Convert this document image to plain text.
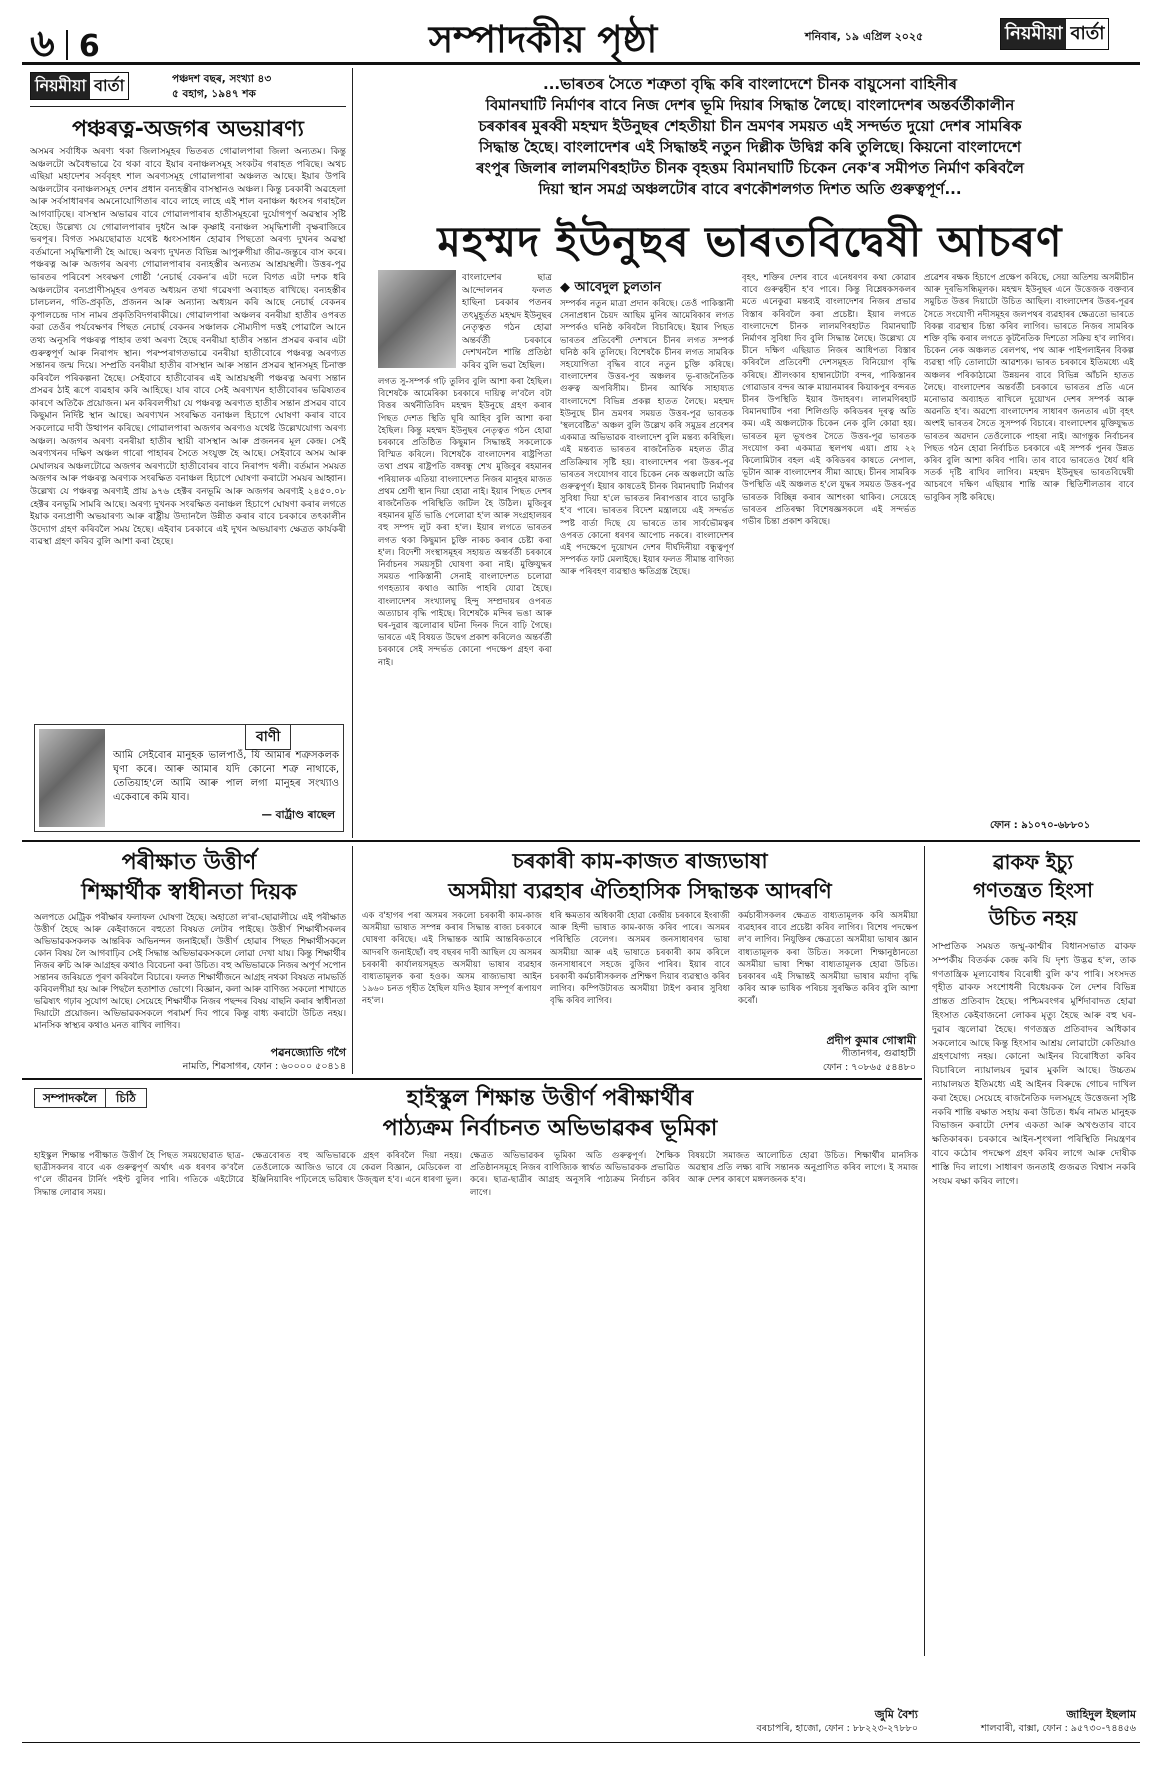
৬ 6	সম্পাদকীয় পৃষ্ঠা	শনিবাৰ, ১৯ এপ্ৰিল ২০২৫	নিয়মীয়া বাৰ্তা
নিয়মীয়া বাৰ্তা	পঞ্চদশ বছৰ, সংখ্যা ৪৩
৫ বহাগ, ১৯৪৭ শক
পঞ্চৰত্ন-অজগৰ অভয়াৰণ্য
অসমৰ সৰ্বাধিক অৰণ্য থকা জিলাসমূহৰ ভিতৰত গোৱালপাৰা জিলা অন্যতম। কিন্তু অঞ্চলটো অবৈধভাৱে বৈ থকা বাবে ইয়াৰ বনাঞ্চলসমূহ সংকটৰ গৰাহত পৰিছে। অথচ এছিয়া মহাদেশৰ সৰ্ববৃহৎ শাল অৰণ্যসমূহ গোৱালপাৰা অঞ্চলত আছে। ইয়াৰ উপৰি অঞ্চলটোৰ বনাঞ্চলসমূহ দেশৰ প্ৰধান বন্যহস্তীৰ বাসস্থানও অঞ্চল। কিন্তু চৰকাৰী অৱহেলা আৰু সৰ্বসাধাৰণৰ অমনোযোগিতাৰ বাবে লাহে লাহে এই শাল বনাঞ্চল ধ্বংসৰ গৰাহলৈ আগবাঢ়িছে। বাসস্থান অভাৱৰ বাবে গোৱালপাৰাৰ হাতীসমূহৰো দুৰ্যোগপূৰ্ণ অৱস্থাৰ সৃষ্টি হৈছে। উল্লেখ্য যে গোৱালপাৰাৰ দুধনৈ আৰু কৃষ্ণাই বনাঞ্চল সমৃদ্ধিশালী বৃক্ষৰাজিৰে ভৰপূৰ। বিগত সময়ছোৱাত যথেষ্ট ধ্বংসসাধন হোৱাৰ পিছতো অৰণ্য দুখনৰ অৱস্থা বৰ্তমানো সমৃদ্ধিশালী হৈ আছে। অৰণ্য দুখনত বিভিন্ন আপুৰুগীয়া জীৱ-জন্তুৰে বাস কৰে। পঞ্চৰত্ন আৰু অজগৰ অৰণ্য গোৱালপাৰাৰ বন্যহস্তীৰ অন্যতম আশ্ৰয়স্থলী। উত্তৰ-পূৱ ভাৰতৰ পৰিবেশ সংৰক্ষণ গোষ্ঠী ‘নেচাৰ্ছ বেকন’ৰ এটা দলে বিগত এটা দশক ধৰি অঞ্চলটোৰ বন্যপ্ৰাণীসমূহৰ ওপৰত অধ্যয়ন তথা গৱেষণা অব্যাহত ৰাখিছে। বন্যহস্তীৰ চালচলন, গতি-প্ৰকৃতি, প্ৰজনন আৰু অন্যান্য অধ্যয়ন কৰি আছে নেচাৰ্ছ বেকনৰ কৃপালচেন্দ্ৰ দাস নামৰ প্ৰকৃতিবিদগৰাকীয়ে। গোৱালপাৰা অঞ্চলৰ বনৰীয়া হাতীৰ ওপৰত করা তেওঁৰ পৰ্যবেক্ষণৰ পিছত নেচাৰ্ছ বেকনৰ সঞ্চালক সৌম্যদীপ দত্তই পোৱালৈ আনে তথ্য অনুসৰি পঞ্চৰত্ন পাহাৰ তথা অৰণ্য হৈছে বনৰীয়া হাতীৰ সন্তান প্ৰসৱৰ কৰাৰ এটা গুৰুত্বপূৰ্ণ আৰু নিৰাপদ স্থান। পৰম্পৰাগতভাৱে বনৰীয়া হাতীবোৰে পঞ্চৰত্ন অৰণ্যত সন্তানৰ জন্ম দিয়ে। সম্প্ৰতি বনৰীয়া হাতীৰ বাসস্থান আৰু সন্তান প্ৰসৱৰ স্থানসমূহ চিনাক্ত কৰিবলৈ পৰিকল্পনা হৈছে। সেইবাবে হাতীবোৰৰ এই আশ্ৰয়স্থলী পঞ্চৰত্ন অৰণ্য সন্তান প্ৰসৱৰ ঠাই ৰূপে ব্যৱহাৰ কৰি আহিছে। যাৰ বাবে সেই অৰণ্যখন হাতীবোৰৰ ভৱিষ্যতৰ কাৰণে অতিকৈ প্ৰয়োজন। মন কৰিবলগীয়া যে পঞ্চৰত্ন অৰণ্যত হাতীৰ সন্তান প্ৰসৱৰ বাবে কিছুমান নিৰ্দিষ্ট স্থান আছে। অৰণ্যখন সংৰক্ষিত বনাঞ্চল হিচাপে ঘোষণা কৰাৰ বাবে সকলোৱে দাবী উত্থাপন কৰিছে। গোৱালপাৰা অজগৰ অৰণ্যও যথেষ্ট উল্লেখযোগ্য অৰণ্য অঞ্চল। অজগৰ অৰণ্য বনৰীয়া হাতীৰ স্থায়ী বাসস্থান আৰু প্ৰজননৰ মূল কেন্দ্ৰ। সেই অৰণ্যখনৰ দক্ষিণ অঞ্চল গাৰো পাহাৰৰ সৈতে সংযুক্ত হৈ আছে। সেইবাবে অসম আৰু মেঘালয়ৰ অঞ্চলটোৱে অজগৰ অৰণ্যটো হাতীবোৰৰ বাবে নিৰাপদ থলী। বৰ্তমান সময়ত অজগৰ আৰু পঞ্চৰত্ন অৰণ্যক সংৰক্ষিত বনাঞ্চল হিচাপে ঘোষণা কৰাটো সময়ৰ আহ্বান। উল্লেখ্য যে পঞ্চৰত্ন অৰণ্যই প্ৰায় ৯৭৬ হেক্টৰ বনভূমি আৰু অজগৰ অৰণ্যই ২৪৫০.০৮ হেক্টৰ বনভূমি সামৰি আছে। অৰণ্য দুখনক সংৰক্ষিত বনাঞ্চল হিচাপে ঘোষণা কৰাৰ লগতে ইয়াক বন্যপ্ৰাণী অভয়াৰণ্য আৰু ৰাষ্ট্ৰীয় উদ্যানলৈ উন্নীত কৰাৰ বাবে চৰকাৰে তৎকালীন উদ্যোগ গ্ৰহণ কৰিবলৈ সময় হৈছে। এইবাৰ চৰকাৰে এই দুখন অভয়াৰণ্য ক্ষেত্ৰত কাৰ্যকৰী ব্যৱস্থা গ্ৰহণ কৰিব বুলি আশা কৰা হৈছে।
বাণী
আমি সেইবোৰ মানুহক ভালপাওঁ, যি আমাৰ শত্ৰুসকলক ঘৃণা কৰে। আৰু আমাৰ যদি কোনো শত্ৰু নাথাকে, তেতিয়াহ'লে আমি আৰু পাল লগা মানুহৰ সংখ্যাও একেবাৰে কমি যাব।
— বাৰ্ট্ৰাণ্ড ৰাছেল
...ভাৰতৰ সৈতে শত্ৰুতা বৃদ্ধি কৰি বাংলাদেশে চীনক বায়ুসেনা বাহিনীৰ
বিমানঘাটি নিৰ্মাণৰ বাবে নিজ দেশৰ ভূমি দিয়াৰ সিদ্ধান্ত লৈছে। বাংলাদেশৰ অন্তৰ্বৰ্তীকালীন
চৰকাৰৰ মুৰব্বী মহম্মদ ইউনুছৰ শেহতীয়া চীন ভ্ৰমণৰ সময়ত এই সন্দৰ্ভত দুয়ো দেশৰ সামৰিক
সিদ্ধান্ত হৈছে। বাংলাদেশৰ এই সিদ্ধান্তই নতুন দিল্লীক উদ্বিগ্ন কৰি তুলিছে। কিয়নো বাংলাদেশে
ৰংপুৰ জিলাৰ লালমণিৰহাটত চীনক বৃহত্তম বিমানঘাটি চিকেন নেক'ৰ সমীপত নিৰ্মাণ কৰিবলৈ
দিয়া স্থান সমগ্ৰ অঞ্চলটোৰ বাবে ৰণকৌশলগত দিশত অতি গুৰুত্বপূৰ্ণ...
মহম্মদ ইউনুছৰ ভাৰতবিদ্বেষী আচৰণ
বাংলাদেশৰ ছাত্ৰ আন্দোলনৰ ফলত হাছিনা চৰকাৰ পতনৰ তৎমুহূৰ্তত মহম্মদ ইউনুছৰ নেতৃত্বত গঠন হোৱা অন্তৰ্বৰ্তী চৰকাৰে দেশখনলৈ শান্তি প্ৰতিষ্ঠা কৰিব বুলি ভৱা হৈছিল।
◆ আবেদুল চুলতান
লগত সু-সম্পৰ্ক গঢ়ি তুলিব বুলি আশা কৰা হৈছিল। বিশেষকৈ আমেৰিকা চৰকাৰে দায়িত্ব ল'বলৈ বটা বিত্তৰ অৰ্থনীতিবিদ মহম্মদ ইউনুছে গ্ৰহণ কৰাৰ পিছত দেশত স্থিতি ঘূৰি আহিব বুলি আশা কৰা হৈছিল। কিন্তু মহম্মদ ইউনুছৰ নেতৃত্বত গঠন হোৱা চৰকাৰে প্ৰতিষ্ঠিত কিছুমান সিদ্ধান্তই সকলোকে বিস্মিত কৰিলে। বিশেষকৈ বাংলাদেশৰ ৰাষ্ট্ৰপিতা তথা প্ৰথম ৰাষ্ট্ৰপতি বঙ্গবন্ধু শেখ মুজিবুৰ ৰহমানৰ পৰিয়ালক এতিয়া বাংলাদেশত নিজৰ মানুহৰ মাজত প্ৰথম শ্ৰেণী স্থান দিয়া হোৱা নাই। ইয়াৰ পিছত দেশৰ ৰাজনৈতিক পৰিস্থিতি জটিল হৈ উঠিল। মুজিবুৰ ৰহমানৰ মূৰ্তি ভাঙি পেলোৱা হ'ল আৰু সংগ্ৰহালয়ৰ বহু সম্পদ লুট কৰা হ'ল। ইয়াৰ লগতে ভাৰতৰ লগত থকা কিছুমান চুক্তি নাকচ কৰাৰ চেষ্টা কৰা হ'ল। বিদেশী সংস্থাসমূহৰ সহায়ত অন্তৰ্বৰ্তী চৰকাৰে নিৰ্বাচনৰ সময়সূচী ঘোষণা কৰা নাই। মুক্তিযুদ্ধৰ সময়ত পাকিস্তানী সেনাই বাংলাদেশত চলোৱা গণহত্যাৰ কথাও আজি পাহৰি যোৱা হৈছে। বাংলাদেশৰ সংখ্যালঘু হিন্দু সম্প্ৰদায়ৰ ওপৰত অত্যাচাৰ বৃদ্ধি পাইছে। বিশেষকৈ মন্দিৰ ভঙা আৰু ঘৰ-দুৱাৰ জ্বলোৱাৰ ঘটনা দিনক দিনে বাঢ়ি গৈছে। ভাৰতে এই বিষয়ত উদ্বেগ প্ৰকাশ কৰিলেও অন্তৰ্বৰ্তী চৰকাৰে সেই সন্দৰ্ভত কোনো পদক্ষেপ গ্ৰহণ কৰা নাই।
সম্পৰ্কৰ নতুন মাত্ৰা প্ৰদান কৰিছে। তেওঁ পাকিস্তানী সেনাপ্ৰধান চৈয়দ আছিম মুনিৰ আমেৰিকাৰ লগত সম্পৰ্কও ঘনিষ্ঠ কৰিবলৈ বিচাৰিছে। ইয়াৰ পিছত ভাৰতৰ প্ৰতিবেশী দেশখনে চীনৰ লগত সম্পৰ্ক ঘনিষ্ঠ কৰি তুলিছে। বিশেষকৈ চীনৰ লগত সামৰিক সহযোগিতা বৃদ্ধিৰ বাবে নতুন চুক্তি কৰিছে। বাংলাদেশৰ উত্তৰ-পূব অঞ্চলৰ ভূ-ৰাজনৈতিক গুৰুত্ব অপৰিসীম। চীনৰ আৰ্থিক সাহায্যত বাংলাদেশে বিভিন্ন প্ৰকল্প হাতত লৈছে। মহম্মদ ইউনুছে চীন ভ্ৰমণৰ সময়ত উত্তৰ-পূৱ ভাৰতক 'স্থলবেষ্টিত' অঞ্চল বুলি উল্লেখ কৰি সমুদ্ৰৰ প্ৰবেশৰ একমাত্ৰ অভিভাৱক বাংলাদেশ বুলি মন্তব্য কৰিছিল। এই মন্তব্যত ভাৰতৰ ৰাজনৈতিক মহলত তীব্ৰ প্ৰতিক্ৰিয়াৰ সৃষ্টি হয়। বাংলাদেশৰ পৰা উত্তৰ-পূৱ ভাৰতৰ সংযোগৰ বাবে চিকেন নেক অঞ্চলটো অতি গুৰুত্বপূৰ্ণ। ইয়াৰ কাষতেই চীনক বিমানঘাটি নিৰ্মাণৰ সুবিধা দিয়া হ'লে ভাৰতৰ নিৰাপত্তাৰ বাবে ভাবুকি হ'ব পাৰে। ভাৰতৰ বিদেশ মন্ত্ৰালয়ে এই সন্দৰ্ভত স্পষ্ট বাৰ্তা দিছে যে ভাৰতে তাৰ সাৰ্বভৌমত্বৰ ওপৰত কোনো ধৰণৰ আপোচ নকৰে। বাংলাদেশৰ এই পদক্ষেপে দুয়োখন দেশৰ দীৰ্ঘদিনীয়া বন্ধুত্বপূৰ্ণ সম্পৰ্কত ফাট মেলাইছে। ইয়াৰ ফলত সীমান্ত বাণিজ্য আৰু পৰিবহণ ব্যৱস্থাও ক্ষতিগ্ৰস্ত হৈছে।
বৃহৎ, শক্তিৰ দেশৰ বাবে এনেধৰণৰ কথা কোৱাৰ বাবে গুৰুত্বহীন হ'ব পাৰে। কিন্তু বিশ্লেষকসকলৰ মতে এনেকুৱা মন্তব্যই বাংলাদেশৰ নিজৰ প্ৰভাৱ বিস্তাৰ কৰিবলৈ কৰা প্ৰচেষ্টা। ইয়াৰ লগতে বাংলাদেশে চীনক লালমণিৰহাটত বিমানঘাটি নিৰ্মাণৰ সুবিধা দিব বুলি সিদ্ধান্ত লৈছে। উল্লেখ্য যে চীনে দক্ষিণ এছিয়াত নিজৰ আধিপত্য বিস্তাৰ কৰিবলৈ প্ৰতিবেশী দেশসমূহত বিনিয়োগ বৃদ্ধি কৰিছে। শ্ৰীলংকাৰ হাম্বানটোটা বন্দৰ, পাকিস্তানৰ গোৱাডাৰ বন্দৰ আৰু মায়ানমাৰৰ কিয়াকপুৰ বন্দৰত চীনৰ উপস্থিতি ইয়াৰ উদাহৰণ। লালমণিৰহাট বিমানঘাটিৰ পৰা শিলিগুড়ি কৰিডৰৰ দূৰত্ব অতি কম। এই অঞ্চলটোক চিকেন নেক বুলি কোৱা হয়। ভাৰতৰ মূল ভূখণ্ডৰ সৈতে উত্তৰ-পূৱ ভাৰতক সংযোগ কৰা একমাত্ৰ স্থলপথ এয়া। প্ৰায় ২২ কিলোমিটাৰ বহল এই কৰিডৰৰ কাষতে নেপাল, ভূটান আৰু বাংলাদেশৰ সীমা আছে। চীনৰ সামৰিক উপস্থিতি এই অঞ্চলত হ'লে যুদ্ধৰ সময়ত উত্তৰ-পূৱ ভাৰতক বিচ্ছিন্ন কৰাৰ আশংকা থাকিব। সেয়েহে ভাৰতৰ প্ৰতিৰক্ষা বিশেষজ্ঞসকলে এই সন্দৰ্ভত গভীৰ চিন্তা প্ৰকাশ কৰিছে।
প্ৰৱেশৰ ৰক্ষক হিচাপে প্ৰক্ষেপ কৰিছে, সেয়া অতিশয় অসমীচীন আৰু দূৰভিসন্ধিমূলক। মহম্মদ ইউনুছৰ এনে উত্তেজক বক্তব্যৰ সমুচিত উত্তৰ দিয়াটো উচিত আছিল। বাংলাদেশৰ উত্তৰ-পূৱৰ সৈতে সংযোগী নদীসমূহৰ জলপথৰ ব্যৱহাৰৰ ক্ষেত্ৰতো ভাৰতে বিকল্প ব্যৱস্থাৰ চিন্তা কৰিব লাগিব। ভাৰতে নিজৰ সামৰিক শক্তি বৃদ্ধি কৰাৰ লগতে কূটনৈতিক দিশতো সক্ৰিয় হ'ব লাগিব। চিকেন নেক অঞ্চলত ৰেলপথ, পথ আৰু পাইপলাইনৰ বিকল্প ব্যৱস্থা গঢ়ি তোলাটো আৱশ্যক। ভাৰত চৰকাৰে ইতিমধ্যে এই অঞ্চলৰ পৰিকাঠামো উন্নয়নৰ বাবে বিভিন্ন আঁচনি হাতত লৈছে। বাংলাদেশৰ অন্তৰ্বৰ্তী চৰকাৰে ভাৰতৰ প্ৰতি এনে মনোভাৱ অব্যাহত ৰাখিলে দুয়োখন দেশৰ সম্পৰ্ক আৰু অৱনতি হ'ব। অৱশ্যে বাংলাদেশৰ সাধাৰণ জনতাৰ এটা বৃহৎ অংশই ভাৰতৰ সৈতে সুসম্পৰ্ক বিচাৰে। বাংলাদেশৰ মুক্তিযুদ্ধত ভাৰতৰ অৱদান তেওঁলোকে পাহৰা নাই। আগন্তুক নিৰ্বাচনৰ পিছত গঠন হোৱা নিৰ্বাচিত চৰকাৰে এই সম্পৰ্ক পুনৰ উন্নত কৰিব বুলি আশা কৰিব পাৰি। তাৰ বাবে ভাৰতেও ধৈৰ্য ধৰি সতৰ্ক দৃষ্টি ৰাখিব লাগিব। মহম্মদ ইউনুছৰ ভাৰতবিদ্বেষী আচৰণে দক্ষিণ এছিয়াৰ শান্তি আৰু স্থিতিশীলতাৰ বাবে ভাবুকিৰ সৃষ্টি কৰিছে।
ফোন : ৯১০৭০-৬৮৮০১
পৰীক্ষাত উত্তীৰ্ণ
শিক্ষাৰ্থীক স্বাধীনতা দিয়ক
অলপতে মেট্ৰিক পৰীক্ষাৰ ফলাফল ঘোষণা হৈছে। অহাতো ল'ৰা-ছোৱালীয়ে এই পৰীক্ষাত উত্তীৰ্ণ হৈছে আৰু কেইবাজনে বহুতো বিষয়ত লেটাৰ পাইছে। উত্তীৰ্ণ শিক্ষাৰ্থীসকলৰ অভিভাৱকসকলক আন্তৰিক অভিনন্দন জনাইছোঁ। উত্তীৰ্ণ হোৱাৰ পিছত শিক্ষাৰ্থীসকলে কোন বিষয় লৈ আগবাঢ়িব সেই সিদ্ধান্ত অভিভাৱকসকলে লোৱা দেখা যায়। কিন্তু শিক্ষাৰ্থীৰ নিজৰ ৰুচি আৰু আগ্ৰহৰ কথাও বিবেচনা কৰা উচিত। বহু অভিভাৱকে নিজৰ অপূৰ্ণ সপোন সন্তানৰ জৰিয়তে পূৰণ কৰিবলৈ বিচাৰে। ফলত শিক্ষাৰ্থীজনে আগ্ৰহ নথকা বিষয়ত নামভৰ্তি কৰিবলগীয়া হয় আৰু পিছলৈ হতাশাত ভোগে। বিজ্ঞান, কলা আৰু বাণিজ্য সকলো শাখাতে ভৱিষ্যৎ গঢ়াৰ সুযোগ আছে। সেয়েহে শিক্ষাৰ্থীক নিজৰ পছন্দৰ বিষয় বাছনি কৰাৰ স্বাধীনতা দিয়াটো প্ৰয়োজন। অভিভাৱকসকলে পৰামৰ্শ দিব পাৰে কিন্তু বাধ্য কৰাটো উচিত নহয়। মানসিক স্বাস্থ্যৰ কথাও মনত ৰাখিব লাগিব।
পৱনজ্যোতি গগৈ
নামতি, শিৱসাগৰ, ফোন : ৬০০০০ ৫০৪১৪
চৰকাৰী কাম-কাজত ৰাজ্যভাষা
অসমীয়া ব্যৱহাৰ ঐতিহাসিক সিদ্ধান্তক আদৰণি
এক ব'হাগৰ পৰা অসমৰ সকলো চৰকাৰী কাম-কাজ অসমীয়া ভাষাত সম্পন্ন কৰাৰ সিদ্ধান্ত ৰাজ্য চৰকাৰে ঘোষণা কৰিছে। এই সিদ্ধান্তক আমি আন্তৰিকতাৰে আদৰণি জনাইছোঁ। বহু বছৰৰ দাবী আছিল যে অসমৰ চৰকাৰী কাৰ্যালয়সমূহত অসমীয়া ভাষাৰ ব্যৱহাৰ বাধ্যতামূলক কৰা হওক। অসম ৰাজ্যভাষা আইন ১৯৬০ চনত গৃহীত হৈছিল যদিও ইয়াৰ সম্পূৰ্ণ ৰূপায়ণ নহ'ল।
ধৰি ক্ষমতাৰ অধিকাৰী হোৱা কেন্দ্ৰীয় চৰকাৰে ইংৰাজী আৰু হিন্দী ভাষাত কাম-কাজ কৰিব পাৰে। অসমৰ পৰিস্থিতি বেলেগ। অসমৰ জনসাধাৰণৰ ভাষা অসমীয়া আৰু এই ভাষাতে চৰকাৰী কাম কৰিলে জনসাধাৰণে সহজে বুজিব পাৰিব। ইয়াৰ বাবে চৰকাৰী কৰ্মচাৰীসকলক প্ৰশিক্ষণ দিয়াৰ ব্যৱস্থাও কৰিব লাগিব। কম্পিউটাৰত অসমীয়া টাইপ কৰাৰ সুবিধা বৃদ্ধি কৰিব লাগিব।
কৰ্মচাৰীসকলৰ ক্ষেত্ৰত বাধ্যতামূলক কৰি অসমীয়া ব্যৱহাৰৰ বাবে প্ৰচেষ্টা কৰিব লাগিব। বিশেষ পদক্ষেপ ল'ব লাগিব। নিযুক্তিৰ ক্ষেত্ৰতো অসমীয়া ভাষাৰ জ্ঞান বাধ্যতামূলক কৰা উচিত। সকলো শিক্ষানুষ্ঠানতো অসমীয়া ভাষা শিক্ষা বাধ্যতামূলক হোৱা উচিত। চৰকাৰৰ এই সিদ্ধান্তই অসমীয়া ভাষাৰ মৰ্যাদা বৃদ্ধি কৰিব আৰু ভাষিক পৰিচয় সুৰক্ষিত কৰিব বুলি আশা কৰোঁ।
প্ৰদীপ কুমাৰ গোস্বামী
গীতানগৰ, গুৱাহাটী
ফোন : ৭০৮৬৫ ৫৪৪৮০
ৱাকফ ইচ্যু
গণতন্ত্ৰত হিংসা
উচিত নহয়
সাম্প্ৰতিক সময়ত জম্মু-কাশ্মীৰ বিধানসভাত ৱাকফ সম্পৰ্কীয় বিতৰ্কক কেন্দ্ৰ কৰি যি দৃশ্য উদ্ভৱ হ'ল, তাক গণতান্ত্ৰিক মূল্যবোধৰ বিৰোধী বুলি ক'ব পাৰি। সংসদত গৃহীত ৱাকফ সংশোধনী বিধেয়কক লৈ দেশৰ বিভিন্ন প্ৰান্তত প্ৰতিবাদ হৈছে। পশ্চিমবংগৰ মুৰ্শিদাবাদত হোৱা হিংসাত কেইবাজনো লোকৰ মৃত্যু হৈছে আৰু বহু ঘৰ-দুৱাৰ জ্বলোৱা হৈছে। গণতন্ত্ৰত প্ৰতিবাদৰ অধিকাৰ সকলোৰে আছে কিন্তু হিংসাৰ আশ্ৰয় লোৱাটো কেতিয়াও গ্ৰহণযোগ্য নহয়। কোনো আইনৰ বিৰোধিতা কৰিব বিচাৰিলে ন্যায়ালয়ৰ দুৱাৰ মুকলি আছে। উচ্চতম ন্যায়ালয়ত ইতিমধ্যে এই আইনৰ বিৰুদ্ধে গোচৰ দাখিল কৰা হৈছে। সেয়েহে ৰাজনৈতিক দলসমূহে উত্তেজনা সৃষ্টি নকৰি শান্তি ৰক্ষাত সহায় কৰা উচিত। ধৰ্মৰ নামত মানুহক বিভাজন কৰাটো দেশৰ একতা আৰু অখণ্ডতাৰ বাবে ক্ষতিকাৰক। চৰকাৰে আইন-শৃংখলা পৰিস্থিতি নিয়ন্ত্ৰণৰ বাবে কঠোৰ পদক্ষেপ গ্ৰহণ কৰিব লাগে আৰু দোষীক শাস্তি দিব লাগে। সাধাৰণ জনতাই গুজৱত বিশ্বাস নকৰি সংযম ৰক্ষা কৰিব লাগে।
জাহিদুল ইছলাম
শালবাৰী, বাক্সা, ফোন : ৯৫৭৩০-৭৪৪৫৬
সম্পাদকলৈ চিঠি	হাইস্কুল শিক্ষান্ত উত্তীৰ্ণ পৰীক্ষাৰ্থীৰ
পাঠ্যক্ৰম নিৰ্বাচনত অভিভাৱকৰ ভূমিকা
হাইস্কুল শিক্ষান্ত পৰীক্ষাত উত্তীৰ্ণ হৈ পিছত সময়ছোৱাত ছাত্ৰ-ছাত্ৰীসকলৰ বাবে এক গুৰুত্বপূৰ্ণ অৰ্থাৎ এক ধৰণৰ ক'বলৈ গ'লে জীৱনৰ টাৰ্নিং পইণ্ট বুলিব পাৰি। গতিকে এইটোৱে সিদ্ধান্ত লোৱাৰ সময়।
ক্ষেত্ৰবোৰত বহু অভিভাৱকে গ্ৰহণ কৰিবলৈ দিয়া নহয়। তেওঁলোকে আজিও ভাবে যে কেৱল বিজ্ঞান, মেডিকেল বা ইঞ্জিনিয়াৰিং পঢ়িলেহে ভৱিষ্যৎ উজ্জ্বল হ'ব। এনে ধাৰণা ভুল।
ক্ষেত্ৰত অভিভাৱকৰ ভূমিকা অতি গুৰুত্বপূৰ্ণ। শৈক্ষিক প্ৰতিষ্ঠানসমূহে নিজৰ বাণিজ্যিক স্বাৰ্থত অভিভাৱকক প্ৰভাৱিত কৰে। ছাত্ৰ-ছাত্ৰীৰ আগ্ৰহ অনুসৰি পাঠ্যক্ৰম নিৰ্বাচন কৰিব লাগে।
বিষয়টো সমাজত আলোচিত হোৱা উচিত। শিক্ষাৰ্থীৰ মানসিক অৱস্থাৰ প্ৰতি লক্ষ্য ৰাখি সন্তানক অনুপ্ৰাণিত কৰিব লাগে। ই সমাজ আৰু দেশৰ কাৰণে মঙ্গলজনক হ'ব।
জুমি বৈশ্য
বৰচাপৰি, হাজো, ফোন : ৮৮২২৩-২৭৮৮০
